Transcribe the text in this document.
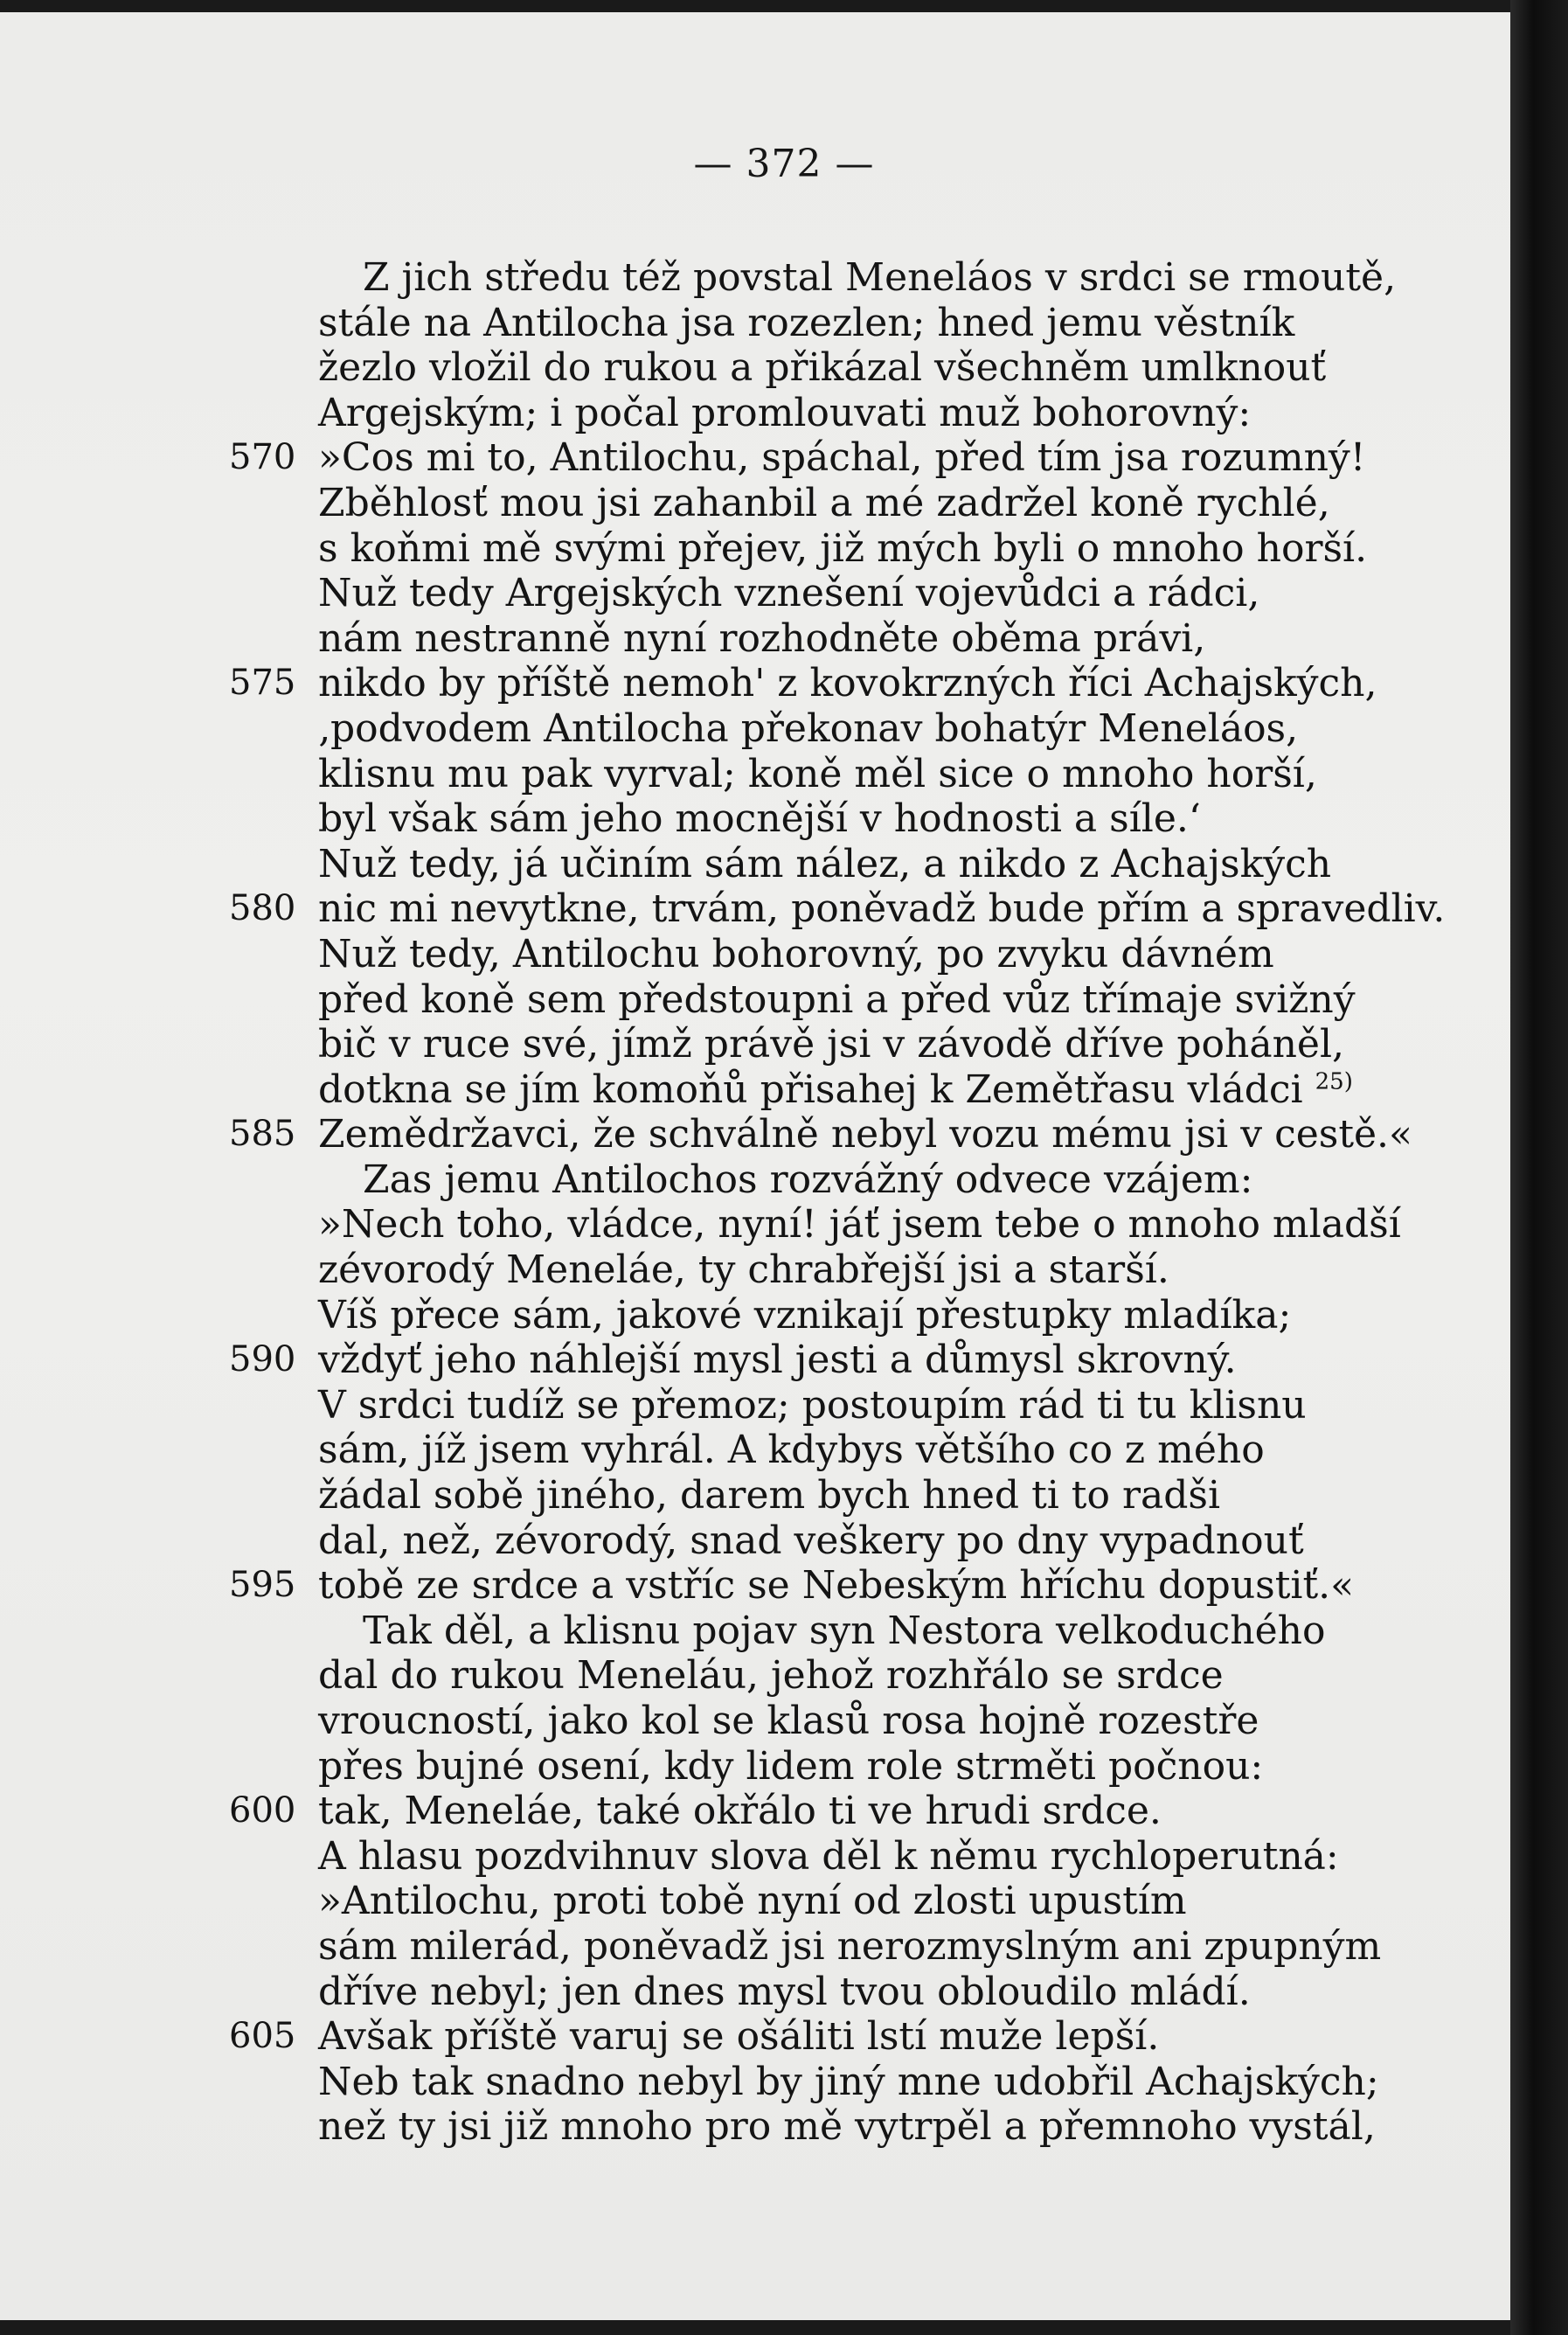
— 372 —
Z jich středu též povstal Meneláos v srdci se rmoutě,
stále na Antilocha jsa rozezlen; hned jemu věstník
žezlo vložil do rukou a přikázal všechněm umlknouť
Argejským; i počal promlouvati muž bohorovný:
570 »Cos mi to, Antilochu, spáchal, před tím jsa rozumný!
Zběhlosť mou jsi zahanbil a mé zadržel koně rychlé,
s koňmi mě svými přejev, již mých byli o mnoho horší.
Nuž tedy Argejských vznešení vojevůdci a rádci,
nám nestranně nyní rozhodněte oběma právi,
575 nikdo by příště nemoh' z kovokrzných říci Achajských,
‚podvodem Antilocha překonav bohatýr Meneláos,
klisnu mu pak vyrval; koně měl sice o mnoho horší,
byl však sám jeho mocnější v hodnosti a síle.‘
Nuž tedy, já učiním sám nález, a nikdo z Achajských
580 nic mi nevytkne, trvám, poněvadž bude přím a spravedliv.
Nuž tedy, Antilochu bohorovný, po zvyku dávném
před koně sem předstoupni a před vůz třímaje svižný
bič v ruce své, jímž právě jsi v závodě dříve poháněl,
dotkna se jím komoňů přisahej k Zemětřasu vládci $^{25)}$
585 Zemědržavci, že schválně nebyl vozu mému jsi v cestě.«
Zas jemu Antilochos rozvážný odvece vzájem:
»Nech toho, vládce, nyní! jáť jsem tebe o mnoho mladší
zévorodý Meneláe, ty chrabřejší jsi a starší.
Víš přece sám, jakové vznikají přestupky mladíka;
590 vždyť jeho náhlejší mysl jesti a důmysl skrovný.
V srdci tudíž se přemoz; postoupím rád ti tu klisnu
sám, jíž jsem vyhrál. A kdybys většího co z mého
žádal sobě jiného, darem bych hned ti to radši
dal, než, zévorodý, snad veškery po dny vypadnouť
595 tobě ze srdce a vstříc se Nebeským hříchu dopustiť.«
Tak děl, a klisnu pojav syn Nestora velkoduchého
dal do rukou Meneláu, jehož rozhřálo se srdce
vroucností, jako kol se klasů rosa hojně rozestře
přes bujné osení, kdy lidem role strměti počnou:
600 tak, Meneláe, také okřálo ti ve hrudi srdce.
A hlasu pozdvihnuv slova děl k němu rychloperutná:
»Antilochu, proti tobě nyní od zlosti upustím
sám milerád, poněvadž jsi nerozmyslným ani zpupným
dříve nebyl; jen dnes mysl tvou obloudilo mládí.
605 Avšak příště varuj se ošáliti lstí muže lepší.
Neb tak snadno nebyl by jiný mne udobřil Achajských;
než ty jsi již mnoho pro mě vytrpěl a přemnoho vystál,
